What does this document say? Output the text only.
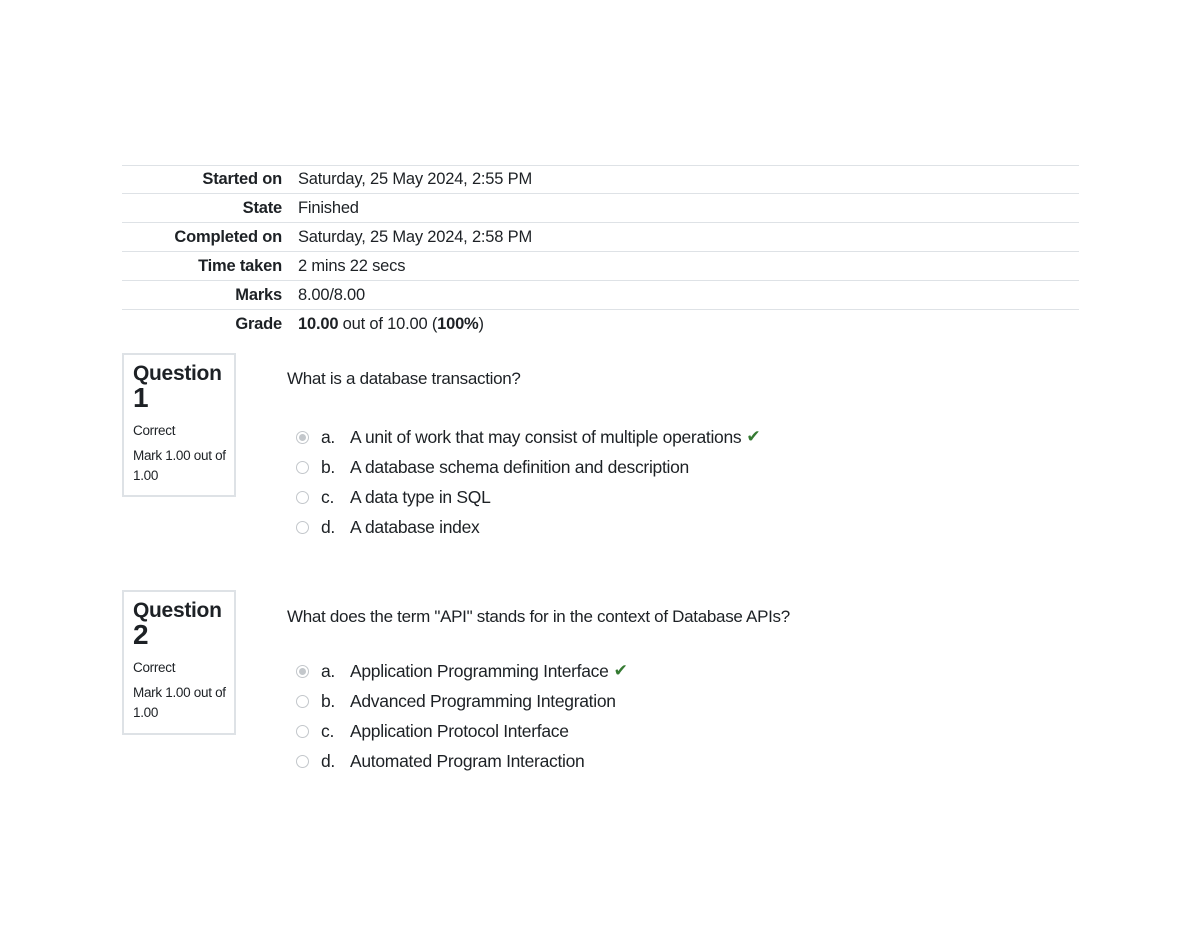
Started on	Saturday, 25 May 2024, 2:55 PM
State	Finished
Completed on	Saturday, 25 May 2024, 2:58 PM
Time taken	2 mins 22 secs
Marks	8.00/8.00
Grade	10.00 out of 10.00 (100%)
Question
1
Correct
Mark 1.00 out of 1.00
What is a database transaction?
a. A unit of work that may consist of multiple operations ✔
b. A database schema definition and description
c. A data type in SQL
d. A database index
Question
2
Correct
Mark 1.00 out of 1.00
What does the term "API" stands for in the context of Database APIs?
a. Application Programming Interface ✔
b. Advanced Programming Integration
c. Application Protocol Interface
d. Automated Program Interaction
